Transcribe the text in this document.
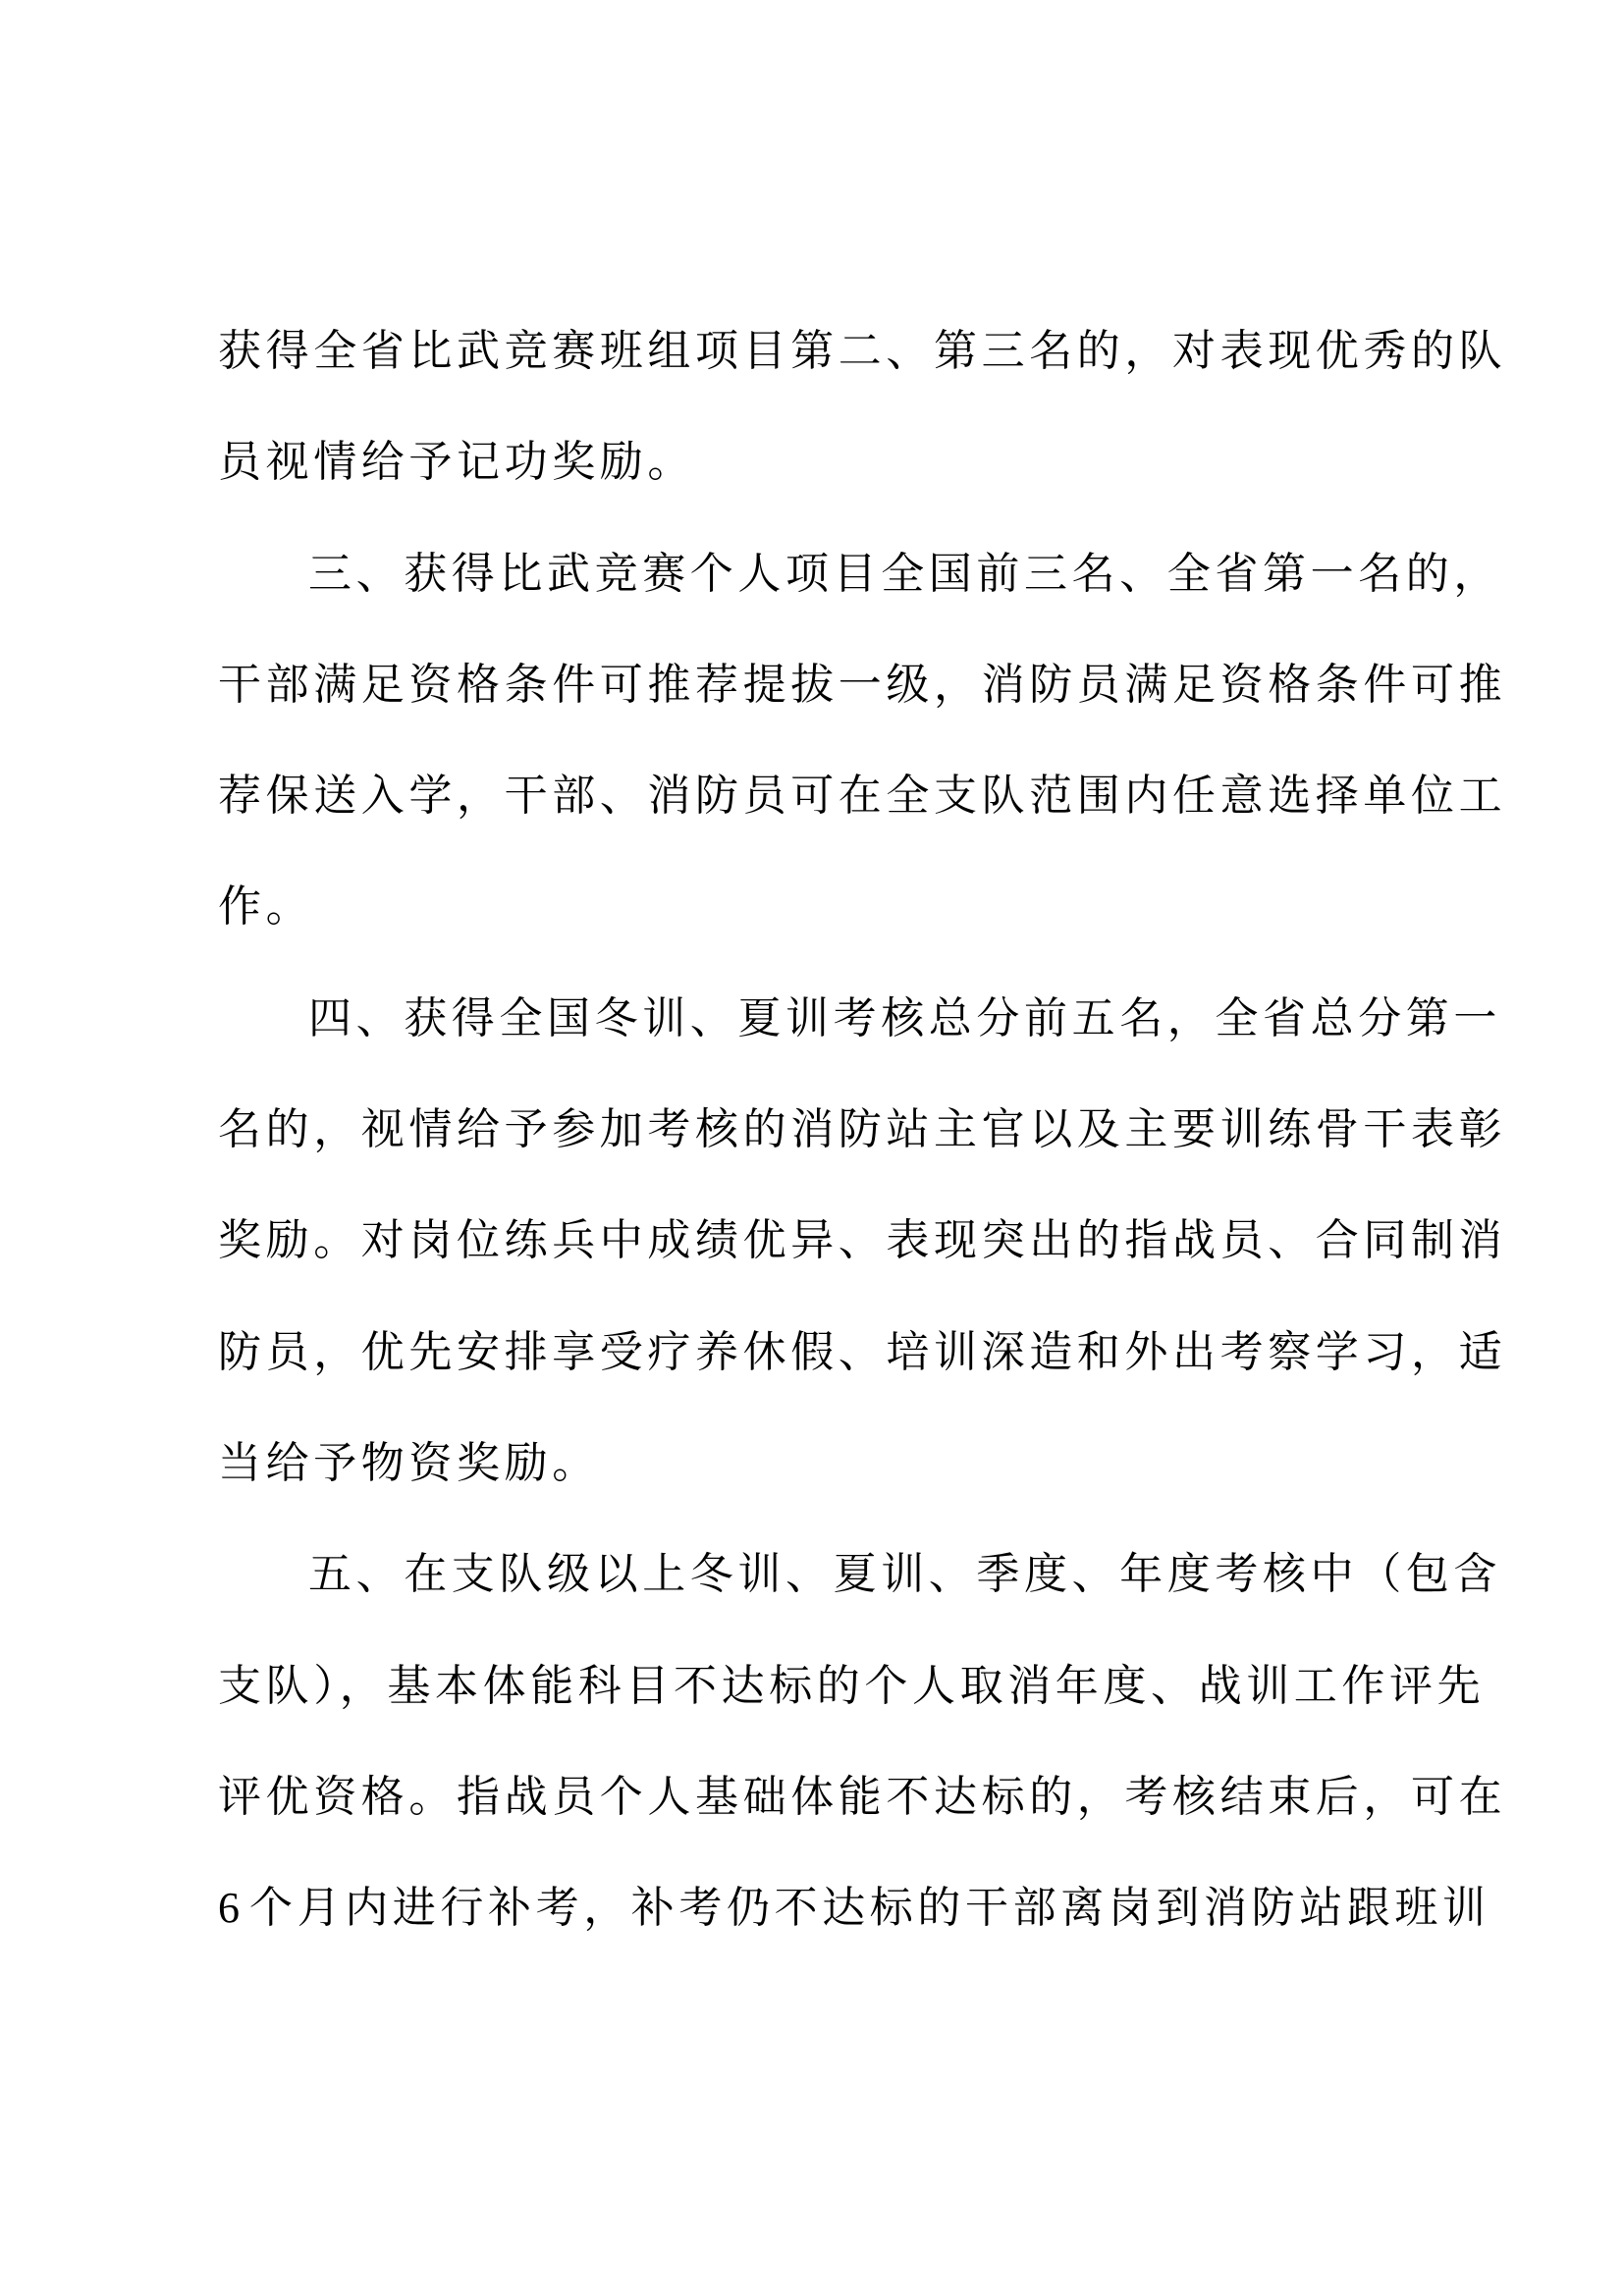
获得全省比武竞赛班组项目第二、第三名的，对表现优秀的队
员视情给予记功奖励。
三、获得比武竞赛个人项目全国前三名、全省第一名的，
干部满足资格条件可推荐提拔一级，消防员满足资格条件可推
荐保送入学，干部、消防员可在全支队范围内任意选择单位工
作。
四、获得全国冬训、夏训考核总分前五名，全省总分第一
名的，视情给予参加考核的消防站主官以及主要训练骨干表彰
奖励。对岗位练兵中成绩优异、表现突出的指战员、合同制消
防员，优先安排享受疗养休假、培训深造和外出考察学习，适
当给予物资奖励。
五、在支队级以上冬训、夏训、季度、年度考核中（包含
支队），基本体能科目不达标的个人取消年度、战训工作评先
评优资格。指战员个人基础体能不达标的，考核结束后，可在
6 个月内进行补考，补考仍不达标的干部离岗到消防站跟班训
